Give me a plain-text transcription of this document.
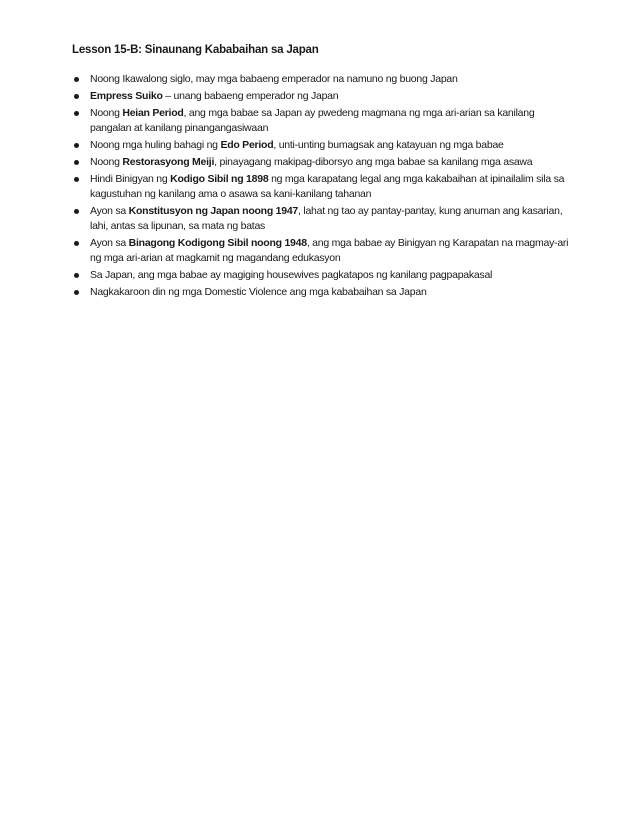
Lesson 15-B: Sinaunang Kababaihan sa Japan
Noong Ikawalong siglo, may mga babaeng emperador na namuno ng buong Japan
Empress Suiko – unang babaeng emperador ng Japan
Noong Heian Period, ang mga babae sa Japan ay pwedeng magmana ng mga ari-arian sa kanilang pangalan at kanilang pinangangasiwaan
Noong mga huling bahagi ng Edo Period, unti-unting bumagsak ang katayuan ng mga babae
Noong Restorasyong Meiji, pinayagang makipag-diborsyo ang mga babae sa kanilang mga asawa
Hindi Binigyan ng Kodigo Sibil ng 1898 ng mga karapatang legal ang mga kakabaihan at ipinailalim sila sa kagustuhan ng kanilang ama o asawa sa kani-kanilang tahanan
Ayon sa Konstitusyon ng Japan noong 1947, lahat ng tao ay pantay-pantay, kung anuman ang kasarian, lahi, antas sa lipunan, sa mata ng batas
Ayon sa Binagong Kodigong Sibil noong 1948, ang mga babae ay Binigyan ng Karapatan na magmay-ari ng mga ari-arian at magkamit ng magandang edukasyon
Sa Japan, ang mga babae ay magiging housewives pagkatapos ng kanilang pagpapakasal
Nagkakaroon din ng mga Domestic Violence ang mga kababaihan sa Japan
